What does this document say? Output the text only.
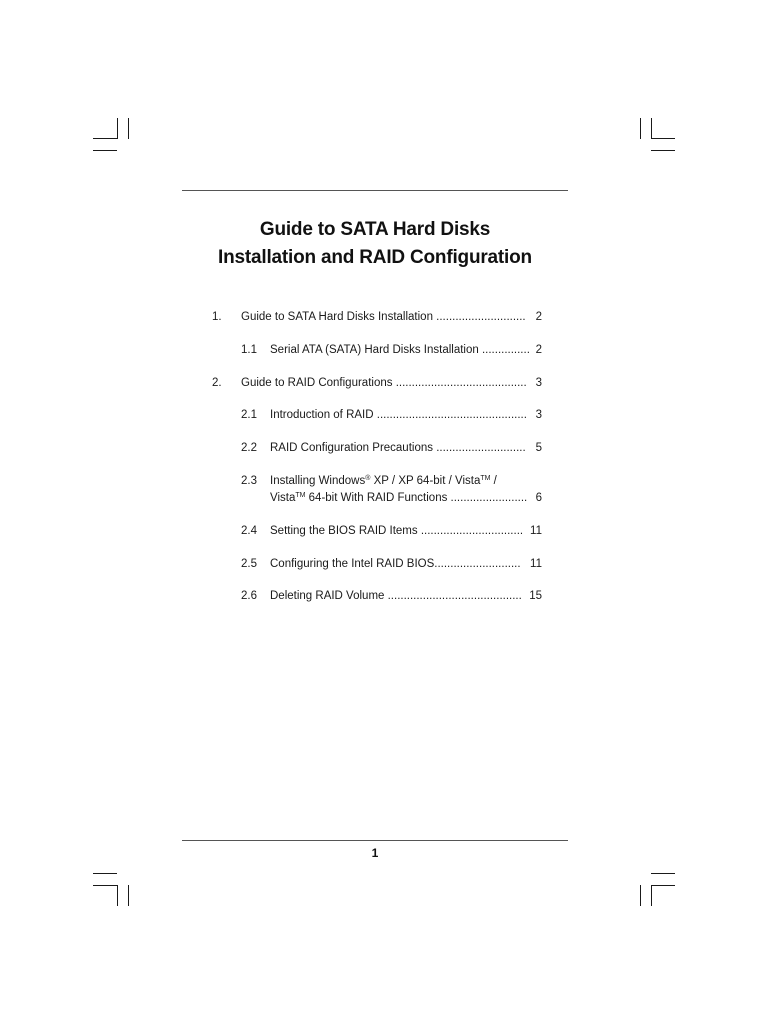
Guide to SATA Hard Disks
Installation and RAID Configuration
1. Guide to SATA Hard Disks Installation ............................ 2
1.1 Serial ATA (SATA) Hard Disks Installation ............... 2
2. Guide to RAID Configurations ......................................... 3
2.1 Introduction of RAID ............................................... 3
2.2 RAID Configuration Precautions ............................ 5
2.3 Installing Windows® XP / XP 64-bit / Vista™ /
Vista™ 64-bit With RAID Functions ........................ 6
2.4 Setting the BIOS RAID Items ................................ 11
2.5 Configuring the Intel RAID BIOS........................... 11
2.6 Deleting RAID Volume .......................................... 15
1
